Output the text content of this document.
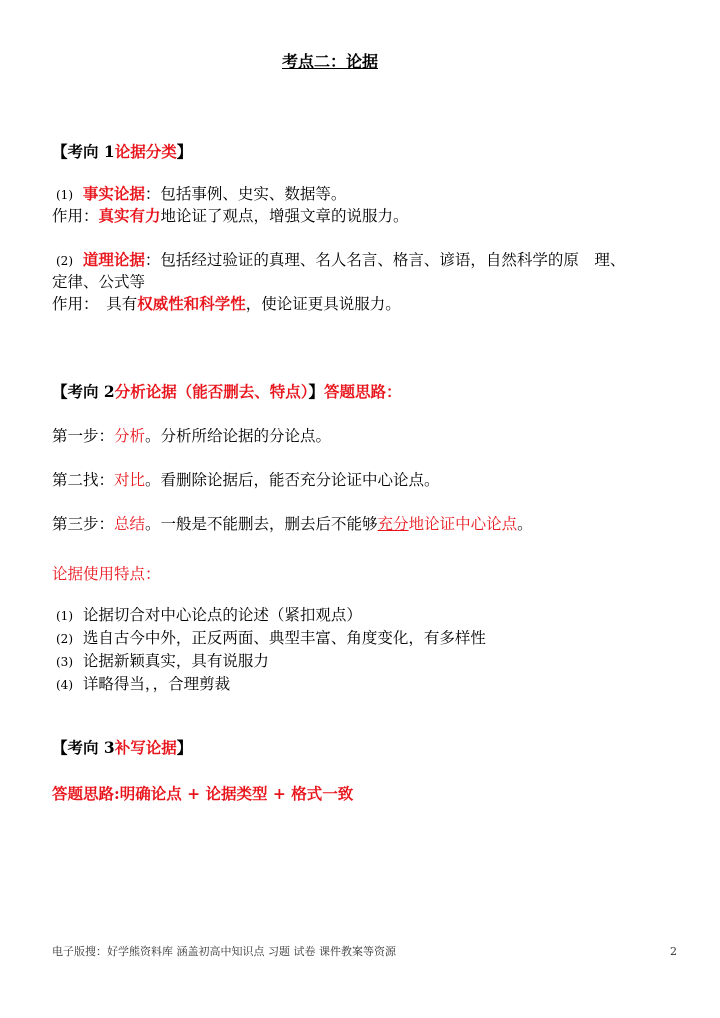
考点二：论据
【考向 1论据分类】
(1) 事实论据：包括事例、史实、数据等。
作用：真实有力地论证了观点，增强文章的说服力。
(2) 道理论据：包括经过验证的真理、名人名言、格言、谚语，自然科学的原　理、
定律、公式等
作用：　具有权威性和科学性，使论证更具说服力。
【考向 2分析论据（能否删去、特点）】答题思路：
第一步：分析。分析所给论据的分论点。
第二找：对比。看删除论据后，能否充分论证中心论点。
第三步：总结。一般是不能删去，删去后不能够充分地论证中心论点。
论据使用特点：
(1) 论据切合对中心论点的论述（紧扣观点）
(2) 选自古今中外，正反两面、典型丰富、角度变化，有多样性
(3) 论据新颖真实，具有说服力
(4) 详略得当，，合理剪裁
【考向 3补写论据】
答题思路:明确论点 + 论据类型 + 格式一致
电子版搜：好学熊资料库 涵盖初高中知识点 习题 试卷 课件教案等资源	2
